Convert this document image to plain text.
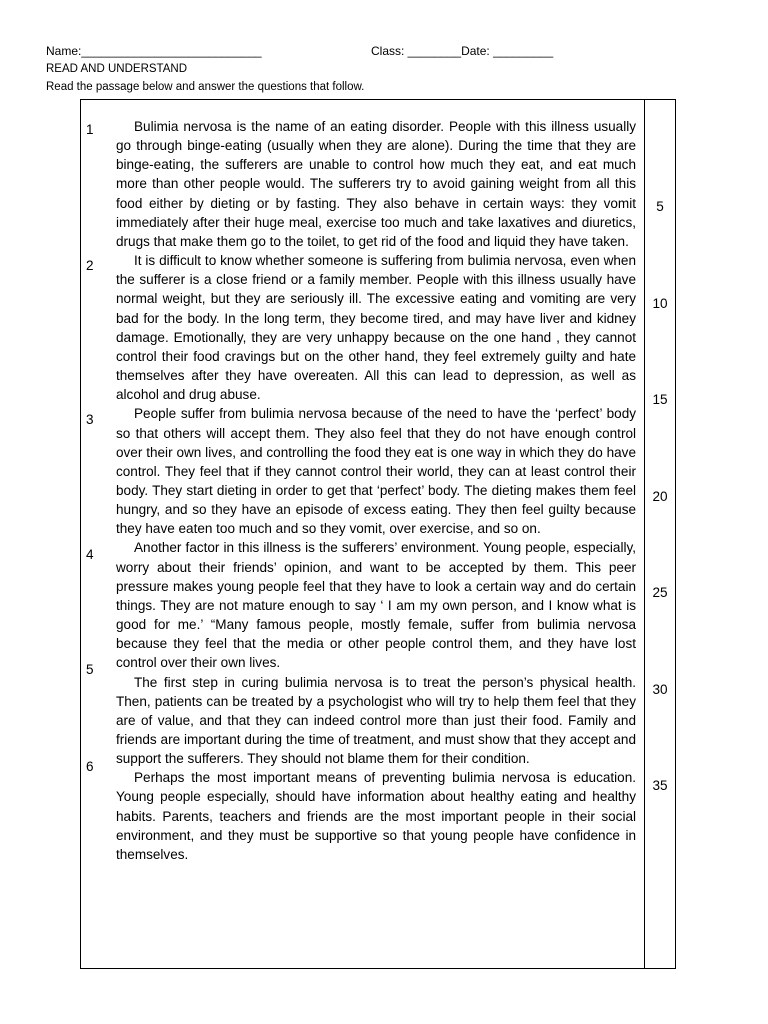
Name:___________________________	Class: ________Date: _________
READ AND UNDERSTAND
Read the passage below and answer the questions that follow.
1
2
3
4
5
6
5
10
15
20
25
30
35

Bulimia nervosa is the name of an eating disorder. People with this illness usually go through binge-eating (usually when they are alone). During the time that they are binge-eating, the sufferers are unable to control how much they eat, and eat much more than other people would. The sufferers try to avoid gaining weight from all this food either by dieting or by fasting. They also behave in certain ways: they vomit immediately after their huge meal, exercise too much and take laxatives and diuretics, drugs that make them go to the toilet, to get rid of the food and liquid they have taken.

It is difficult to know whether someone is suffering from bulimia nervosa, even when the sufferer is a close friend or a family member. People with this illness usually have normal weight, but they are seriously ill. The excessive eating and vomiting are very bad for the body. In the long term, they become tired, and may have liver and kidney damage. Emotionally, they are very unhappy because on the one hand , they cannot control their food cravings but on the other hand, they feel extremely guilty and hate themselves after they have overeaten. All this can lead to depression, as well as alcohol and drug abuse.

People suffer from bulimia nervosa because of the need to have the ‘perfect’ body so that others will accept them. They also feel that they do not have enough control over their own lives, and controlling the food they eat is one way in which they do have control. They feel that if they cannot control their world, they can at least control their body. They start dieting in order to get that ‘perfect’ body. The dieting makes them feel hungry, and so they have an episode of excess eating. They then feel guilty because they have eaten too much and so they vomit, over exercise, and so on.

Another factor in this illness is the sufferers’ environment. Young people, especially, worry about their friends’ opinion, and want to be accepted by them. This peer pressure makes young people feel that they have to look a certain way and do certain things. They are not mature enough to say ‘ I am my own person, and I know what is good for me.’ “Many famous people, mostly female, suffer from bulimia nervosa because they feel that the media or other people control them, and they have lost control over their own lives.

The first step in curing bulimia nervosa is to treat the person’s physical health. Then, patients can be treated by a psychologist who will try to help them feel that they are of value, and that they can indeed control more than just their food. Family and friends are important during the time of treatment, and must show that they accept and support the sufferers. They should not blame them for their condition.

Perhaps the most important means of preventing bulimia nervosa is education. Young people especially, should have information about healthy eating and healthy habits. Parents, teachers and friends are the most important people in their social environment, and they must be supportive so that young people have confidence in themselves.
